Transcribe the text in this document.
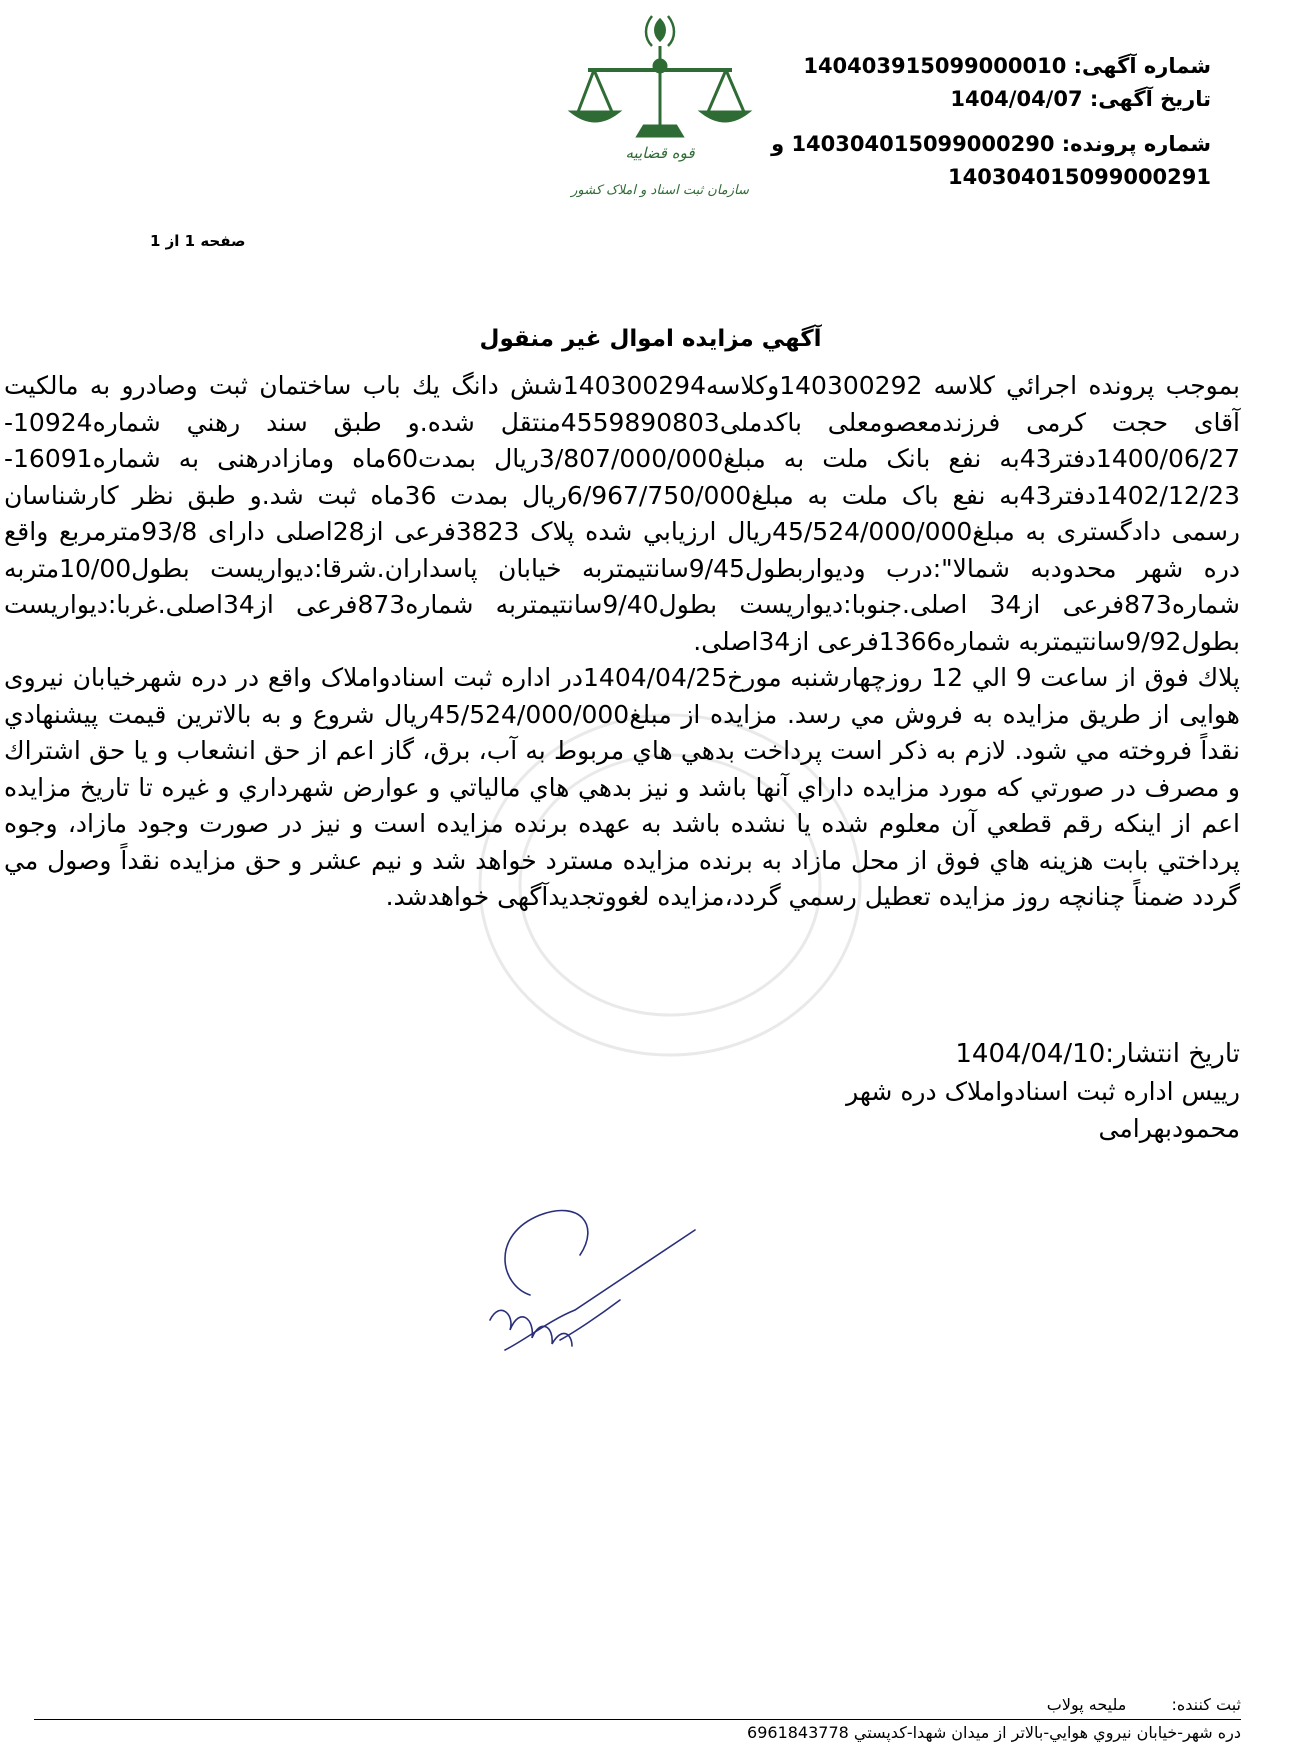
قوه قضاییه
سازمان ثبت اسناد و املاک کشور
شماره آگهی: 140403915099000010
تاریخ آگهی: 1404/04/07
شماره پرونده: 140304015099000290 و
140304015099000291
صفحه 1 از 1
آگهي مزايده اموال غير منقول

بموجب پرونده اجرائي كلاسه 140300292وكلاسه140300294شش دانگ يك باب ساختمان ثبت وصادرو به مالكيت آقای حجت كرمی فرزندمعصومعلی باكدملی4559890803منتقل شده.و طبق سند رهني شماره10924-1400/06/27دفتر43به نفع بانک ملت به مبلغ3/807/000/000ریال بمدت60ماه ومازادرهنی به شماره16091-1402/12/23دفتر43به نفع باک ملت به مبلغ6/967/750/000ریال بمدت 36ماه ثبت شد.و طبق نظر كارشناسان رسمی دادگستری به مبلغ45/524/000/000ريال ارزيابي شده پلاک 3823فرعی از28اصلی دارای 93/8مترمربع واقع دره شهر محدودبه شمالا":درب وديواربطول9/45سانتيمتربه خيابان پاسداران.شرقا:ديواريست بطول10/00متربه شماره873فرعی از34 اصلی.جنوبا:ديواريست بطول9/40سانتيمتربه شماره873فرعی از34اصلی.غربا:ديواريست بطول9/92سانتيمتربه شماره1366فرعی از34اصلی.

پلاك فوق از ساعت 9 الي 12 روزچهارشنبه مورخ1404/04/25در اداره ثبت اسنادواملاک واقع در دره شهرخيابان نيروی هوايی از طريق مزايده به فروش مي رسد. مزايده از مبلغ45/524/000/000ريال شروع و به بالاترين قيمت پيشنهادي نقداً فروخته مي شود. لازم به ذكر است پرداخت بدهي هاي مربوط به آب، برق، گاز اعم از حق انشعاب و يا حق اشتراك و مصرف در صورتي كه مورد مزايده داراي آنها باشد و نيز بدهي هاي مالياتي و عوارض شهرداري و غيره تا تاريخ مزايده اعم از اينكه رقم قطعي آن معلوم شده يا نشده باشد به عهده برنده مزايده است و نيز در صورت وجود مازاد، وجوه پرداختي بابت هزينه هاي فوق از محل مازاد به برنده مزايده مسترد خواهد شد و نيم عشر و حق مزايده نقداً وصول مي گردد ضمناً چنانچه روز مزايده تعطيل رسمي گردد،مزايده لغووتجديدآگهی خواهدشد.

تاريخ انتشار:1404/04/10
رييس اداره ثبت اسنادواملاک دره شهر
محمودبهرامی
ثبت كننده: مليحه پولاب
دره شهر-خيابان نيروي هوايي-بالاتر از ميدان شهدا-كدپستي 6961843778
